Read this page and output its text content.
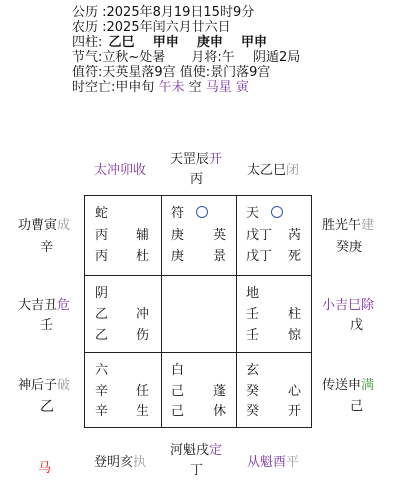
公历 :2025年8月19日15时9分
农历 :2025年闰六月廿六日
四柱: 乙巳 甲申 庚申 甲申
节气:立秋~处暑 月将:午 阴遁2局
值符:天英星落9宫 值使:景门落9宫
时空亡:甲申旬 午未 空 马星 寅
太冲卯收
天罡辰开
丙
太乙巳闭
功曹寅成
辛
大吉丑危
壬
神后子破
乙
胜光午建
癸庚
小吉巳除
戊
传送申满
己
马	登明亥执
河魁戌定
丁
从魁酉平
蛇
丙 辅
丙 杜
符
庚 英
庚 景
天
戊丁 芮
戊丁 死
阴
乙 冲
乙 伤
地
壬 柱
壬 惊
六
辛 任
辛 生
白
己 蓬
己 休
玄
癸 心
癸 开
